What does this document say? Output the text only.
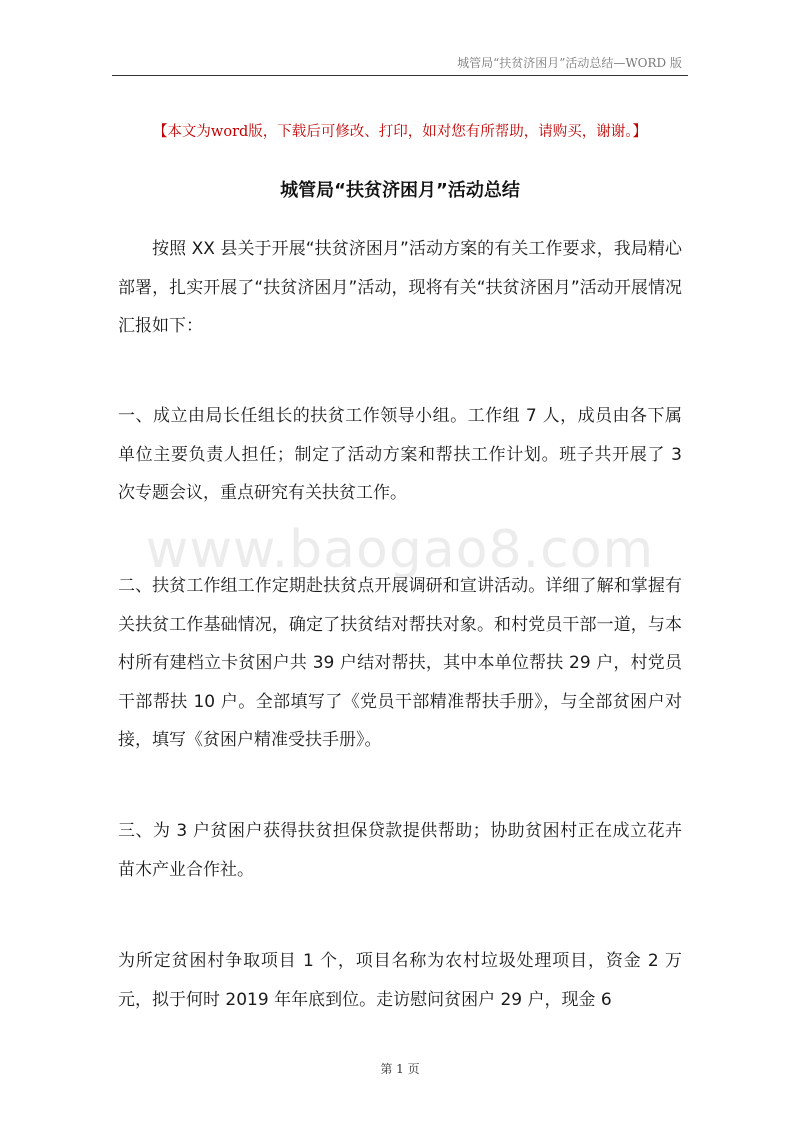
城管局“扶贫济困月”活动总结—WORD 版
【本文为word版，下载后可修改、打印，如对您有所帮助，请购买，谢谢。】
城管局“扶贫济困月”活动总结
www.baogao8.com
按照 XX 县关于开展“扶贫济困月”活动方案的有关工作要求，我局精心部署，扎实开展了“扶贫济困月”活动，现将有关“扶贫济困月”活动开展情况汇报如下：
一、成立由局长任组长的扶贫工作领导小组。工作组 7 人，成员由各下属单位主要负责人担任；制定了活动方案和帮扶工作计划。班子共开展了 3 次专题会议，重点研究有关扶贫工作。
二、扶贫工作组工作定期赴扶贫点开展调研和宣讲活动。详细了解和掌握有关扶贫工作基础情况，确定了扶贫结对帮扶对象。和村党员干部一道，与本村所有建档立卡贫困户共 39 户结对帮扶，其中本单位帮扶 29 户，村党员干部帮扶 10 户。全部填写了《党员干部精准帮扶手册》，与全部贫困户对接，填写《贫困户精准受扶手册》。
三、为 3 户贫困户获得扶贫担保贷款提供帮助；协助贫困村正在成立花卉苗木产业合作社。
为所定贫困村争取项目 1 个，项目名称为农村垃圾处理项目，资金 2 万元，拟于何时 2019 年年底到位。走访慰问贫困户 29 户，现金 6
第 1 页
